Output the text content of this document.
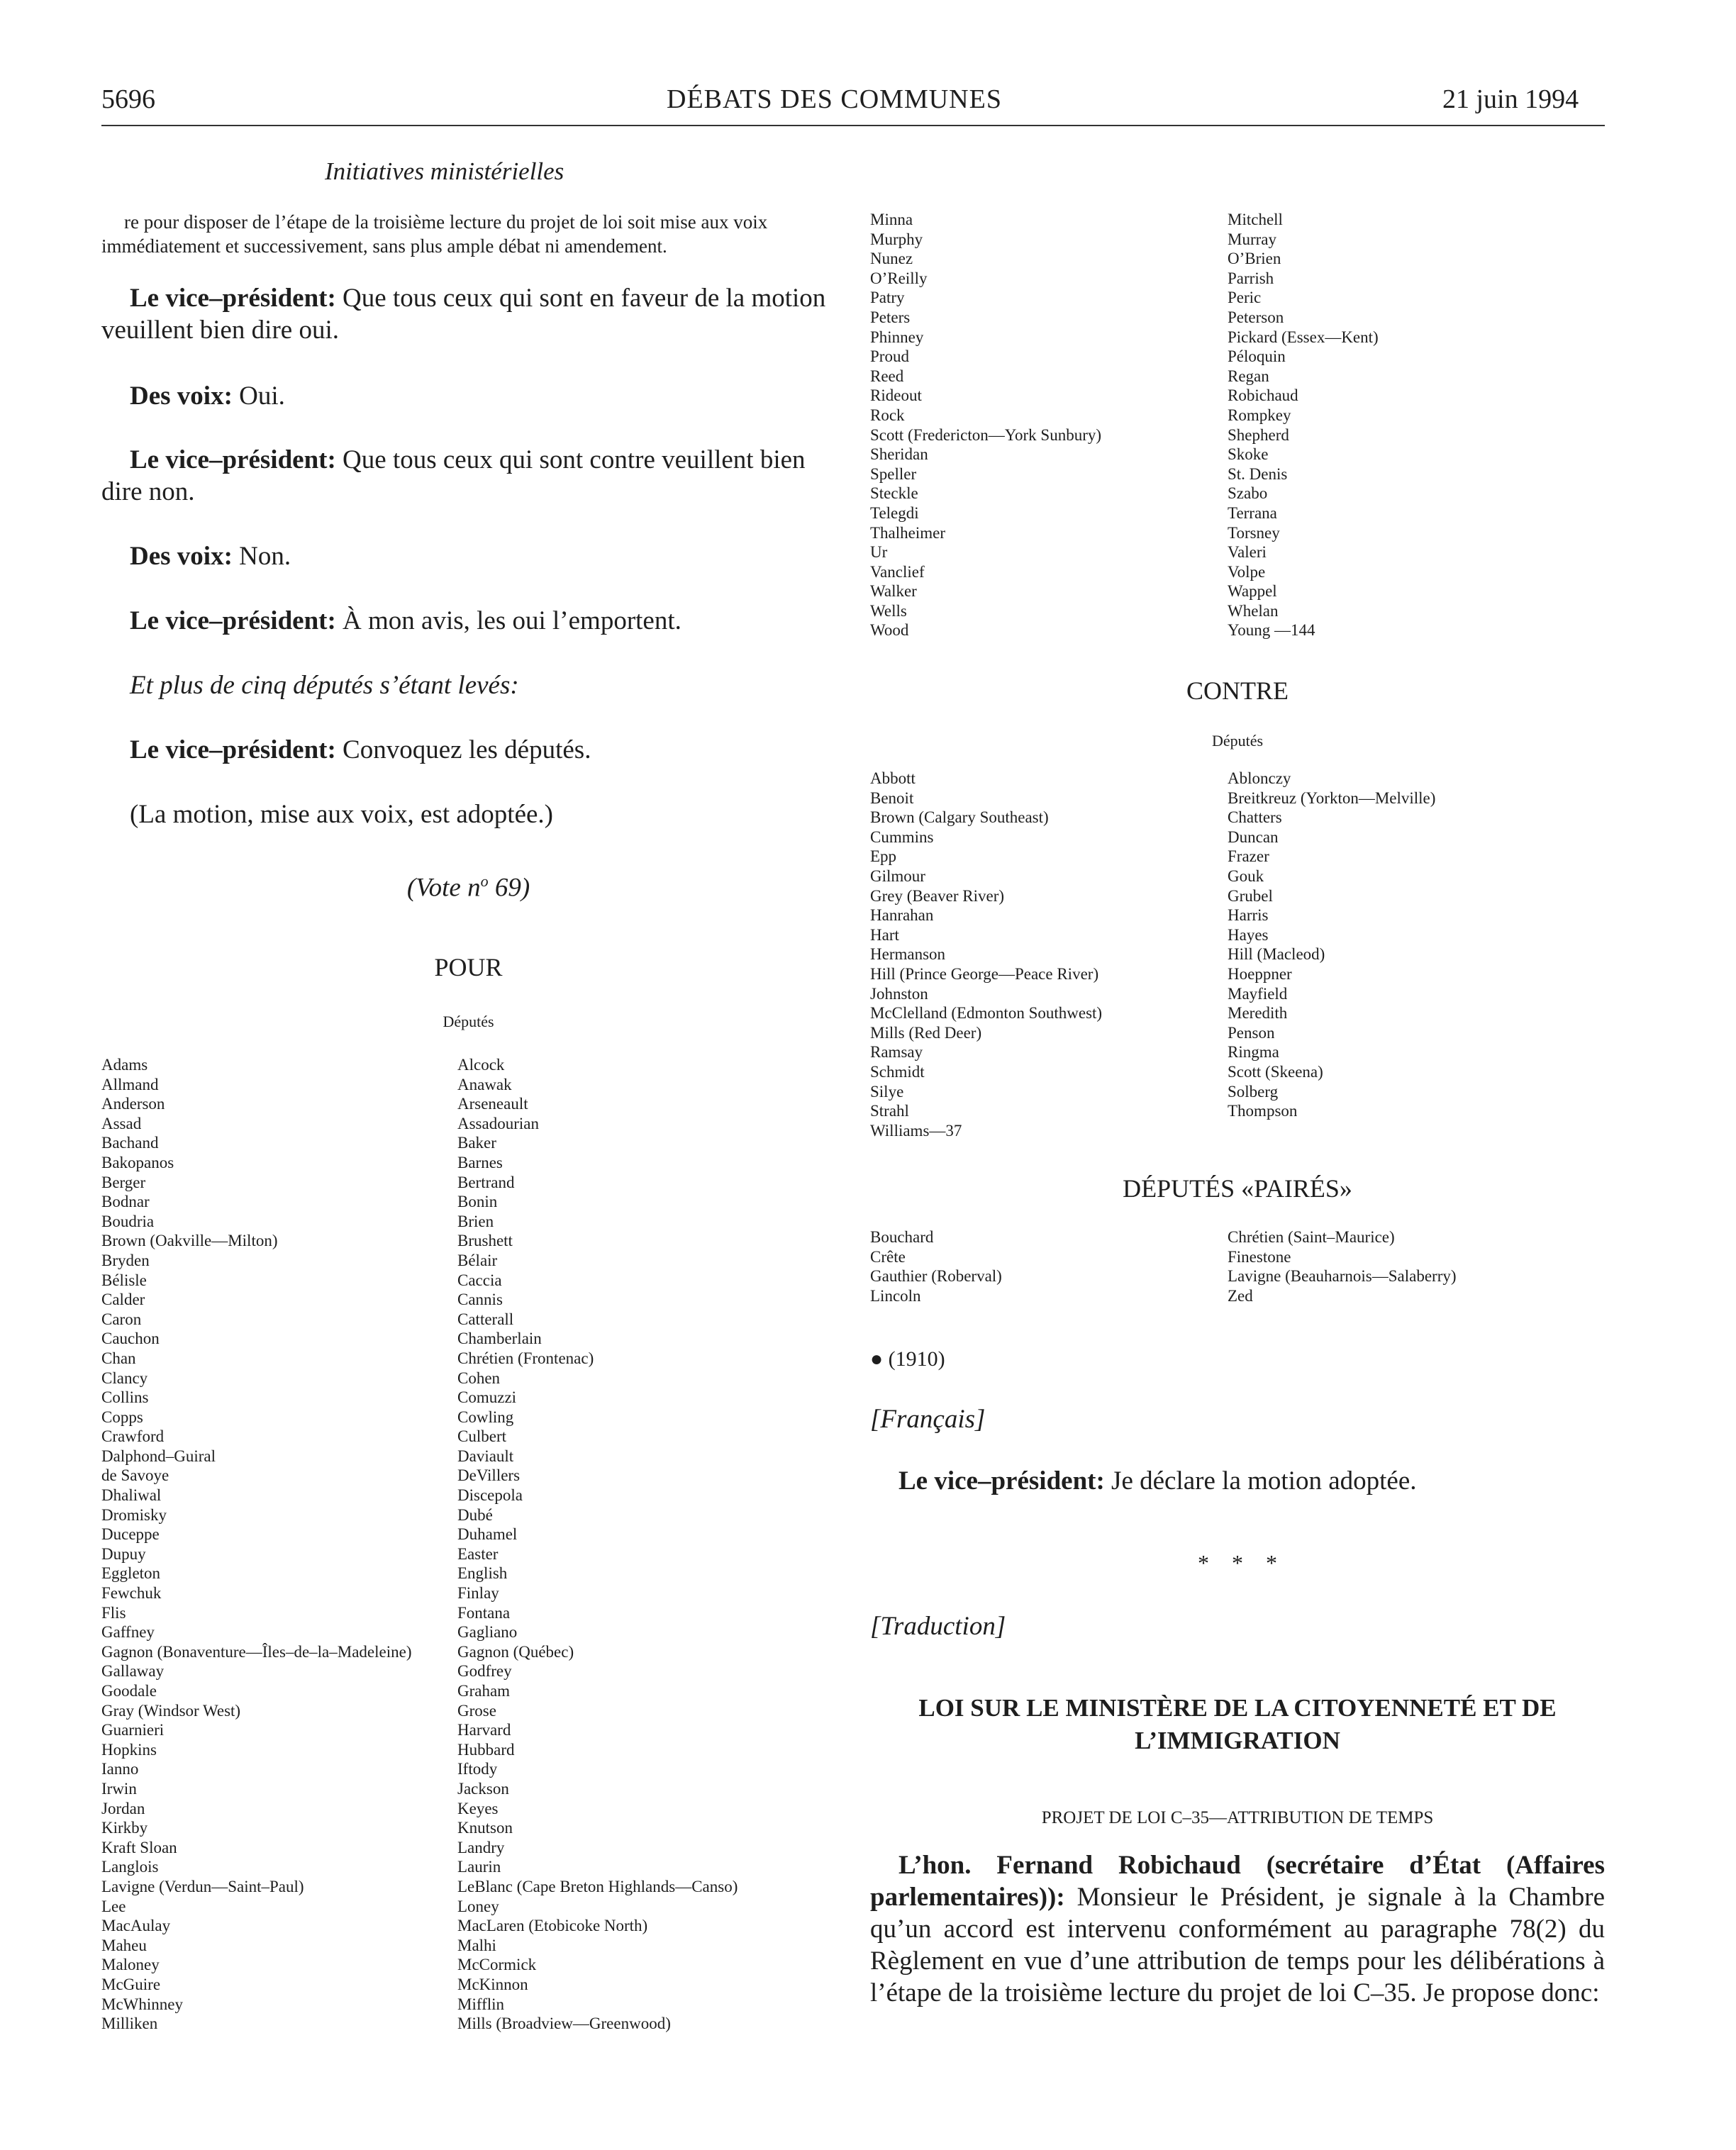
5696	DÉBATS DES COMMUNES	21 juin 1994
Initiatives ministérielles

re pour disposer de l’étape de la troisième lecture du projet de loi soit mise aux voix immédiatement et successivement, sans plus ample débat ni amendement.

Le vice–président: Que tous ceux qui sont en faveur de la motion veuillent bien dire oui.

Des voix: Oui.

Le vice–président: Que tous ceux qui sont contre veuillent bien dire non.

Des voix: Non.

Le vice–président: À mon avis, les oui l’emportent.

Et plus de cinq députés s’étant levés:

Le vice–président: Convoquez les députés.

(La motion, mise aux voix, est adoptée.)

(Vote $n^o$ 69)
POUR
Députés
Adams
Allmand
Anderson
Assad
Bachand
Bakopanos
Berger
Bodnar
Boudria
Brown (Oakville—Milton)
Bryden
Bélisle
Calder
Caron
Cauchon
Chan
Clancy
Collins
Copps
Crawford
Dalphond–Guiral
de Savoye
Dhaliwal
Dromisky
Duceppe
Dupuy
Eggleton
Fewchuk
Flis
Gaffney
Gagnon (Bonaventure—Îles–de–la–Madeleine)
Gallaway
Goodale
Gray (Windsor West)
Guarnieri
Hopkins
Ianno
Irwin
Jordan
Kirkby
Kraft Sloan
Langlois
Lavigne (Verdun—Saint–Paul)
Lee
MacAulay
Maheu
Maloney
McGuire
McWhinney
Milliken
Alcock
Anawak
Arseneault
Assadourian
Baker
Barnes
Bertrand
Bonin
Brien
Brushett
Bélair
Caccia
Cannis
Catterall
Chamberlain
Chrétien (Frontenac)
Cohen
Comuzzi
Cowling
Culbert
Daviault
DeVillers
Discepola
Dubé
Duhamel
Easter
English
Finlay
Fontana
Gagliano
Gagnon (Québec)
Godfrey
Graham
Grose
Harvard
Hubbard
Iftody
Jackson
Keyes
Knutson
Landry
Laurin
LeBlanc (Cape Breton Highlands—Canso)
Loney
MacLaren (Etobicoke North)
Malhi
McCormick
McKinnon
Mifflin
Mills (Broadview—Greenwood)
Minna
Murphy
Nunez
O’Reilly
Patry
Peters
Phinney
Proud
Reed
Rideout
Rock
Scott (Fredericton—York Sunbury)
Sheridan
Speller
Steckle
Telegdi
Thalheimer
Ur
Vanclief
Walker
Wells
Wood
Mitchell
Murray
O’Brien
Parrish
Peric
Peterson
Pickard (Essex—Kent)
Péloquin
Regan
Robichaud
Rompkey
Shepherd
Skoke
St. Denis
Szabo
Terrana
Torsney
Valeri
Volpe
Wappel
Whelan
Young —144
CONTRE
Députés
Abbott
Benoit
Brown (Calgary Southeast)
Cummins
Epp
Gilmour
Grey (Beaver River)
Hanrahan
Hart
Hermanson
Hill (Prince George—Peace River)
Johnston
McClelland (Edmonton Southwest)
Mills (Red Deer)
Ramsay
Schmidt
Silye
Strahl
Williams—37
Ablonczy
Breitkreuz (Yorkton—Melville)
Chatters
Duncan
Frazer
Gouk
Grubel
Harris
Hayes
Hill (Macleod)
Hoeppner
Mayfield
Meredith
Penson
Ringma
Scott (Skeena)
Solberg
Thompson
DÉPUTÉS «PAIRÉS»
Bouchard
Crête
Gauthier (Roberval)
Lincoln
Chrétien (Saint–Maurice)
Finestone
Lavigne (Beauharnois—Salaberry)
Zed
● (1910)
[Français]

Le vice–président: Je déclare la motion adoptée.

*    *    *
[Traduction]
LOI SUR LE MINISTÈRE DE LA CITOYENNETÉ ET DE L’IMMIGRATION
PROJET DE LOI C–35—ATTRIBUTION DE TEMPS

L’hon. Fernand Robichaud (secrétaire d’État (Affaires parlementaires)): Monsieur le Président, je signale à la Chambre qu’un accord est intervenu conformément au paragraphe 78(2) du Règlement en vue d’une attribution de temps pour les délibérations à l’étape de la troisième lecture du projet de loi C–35. Je propose donc:
